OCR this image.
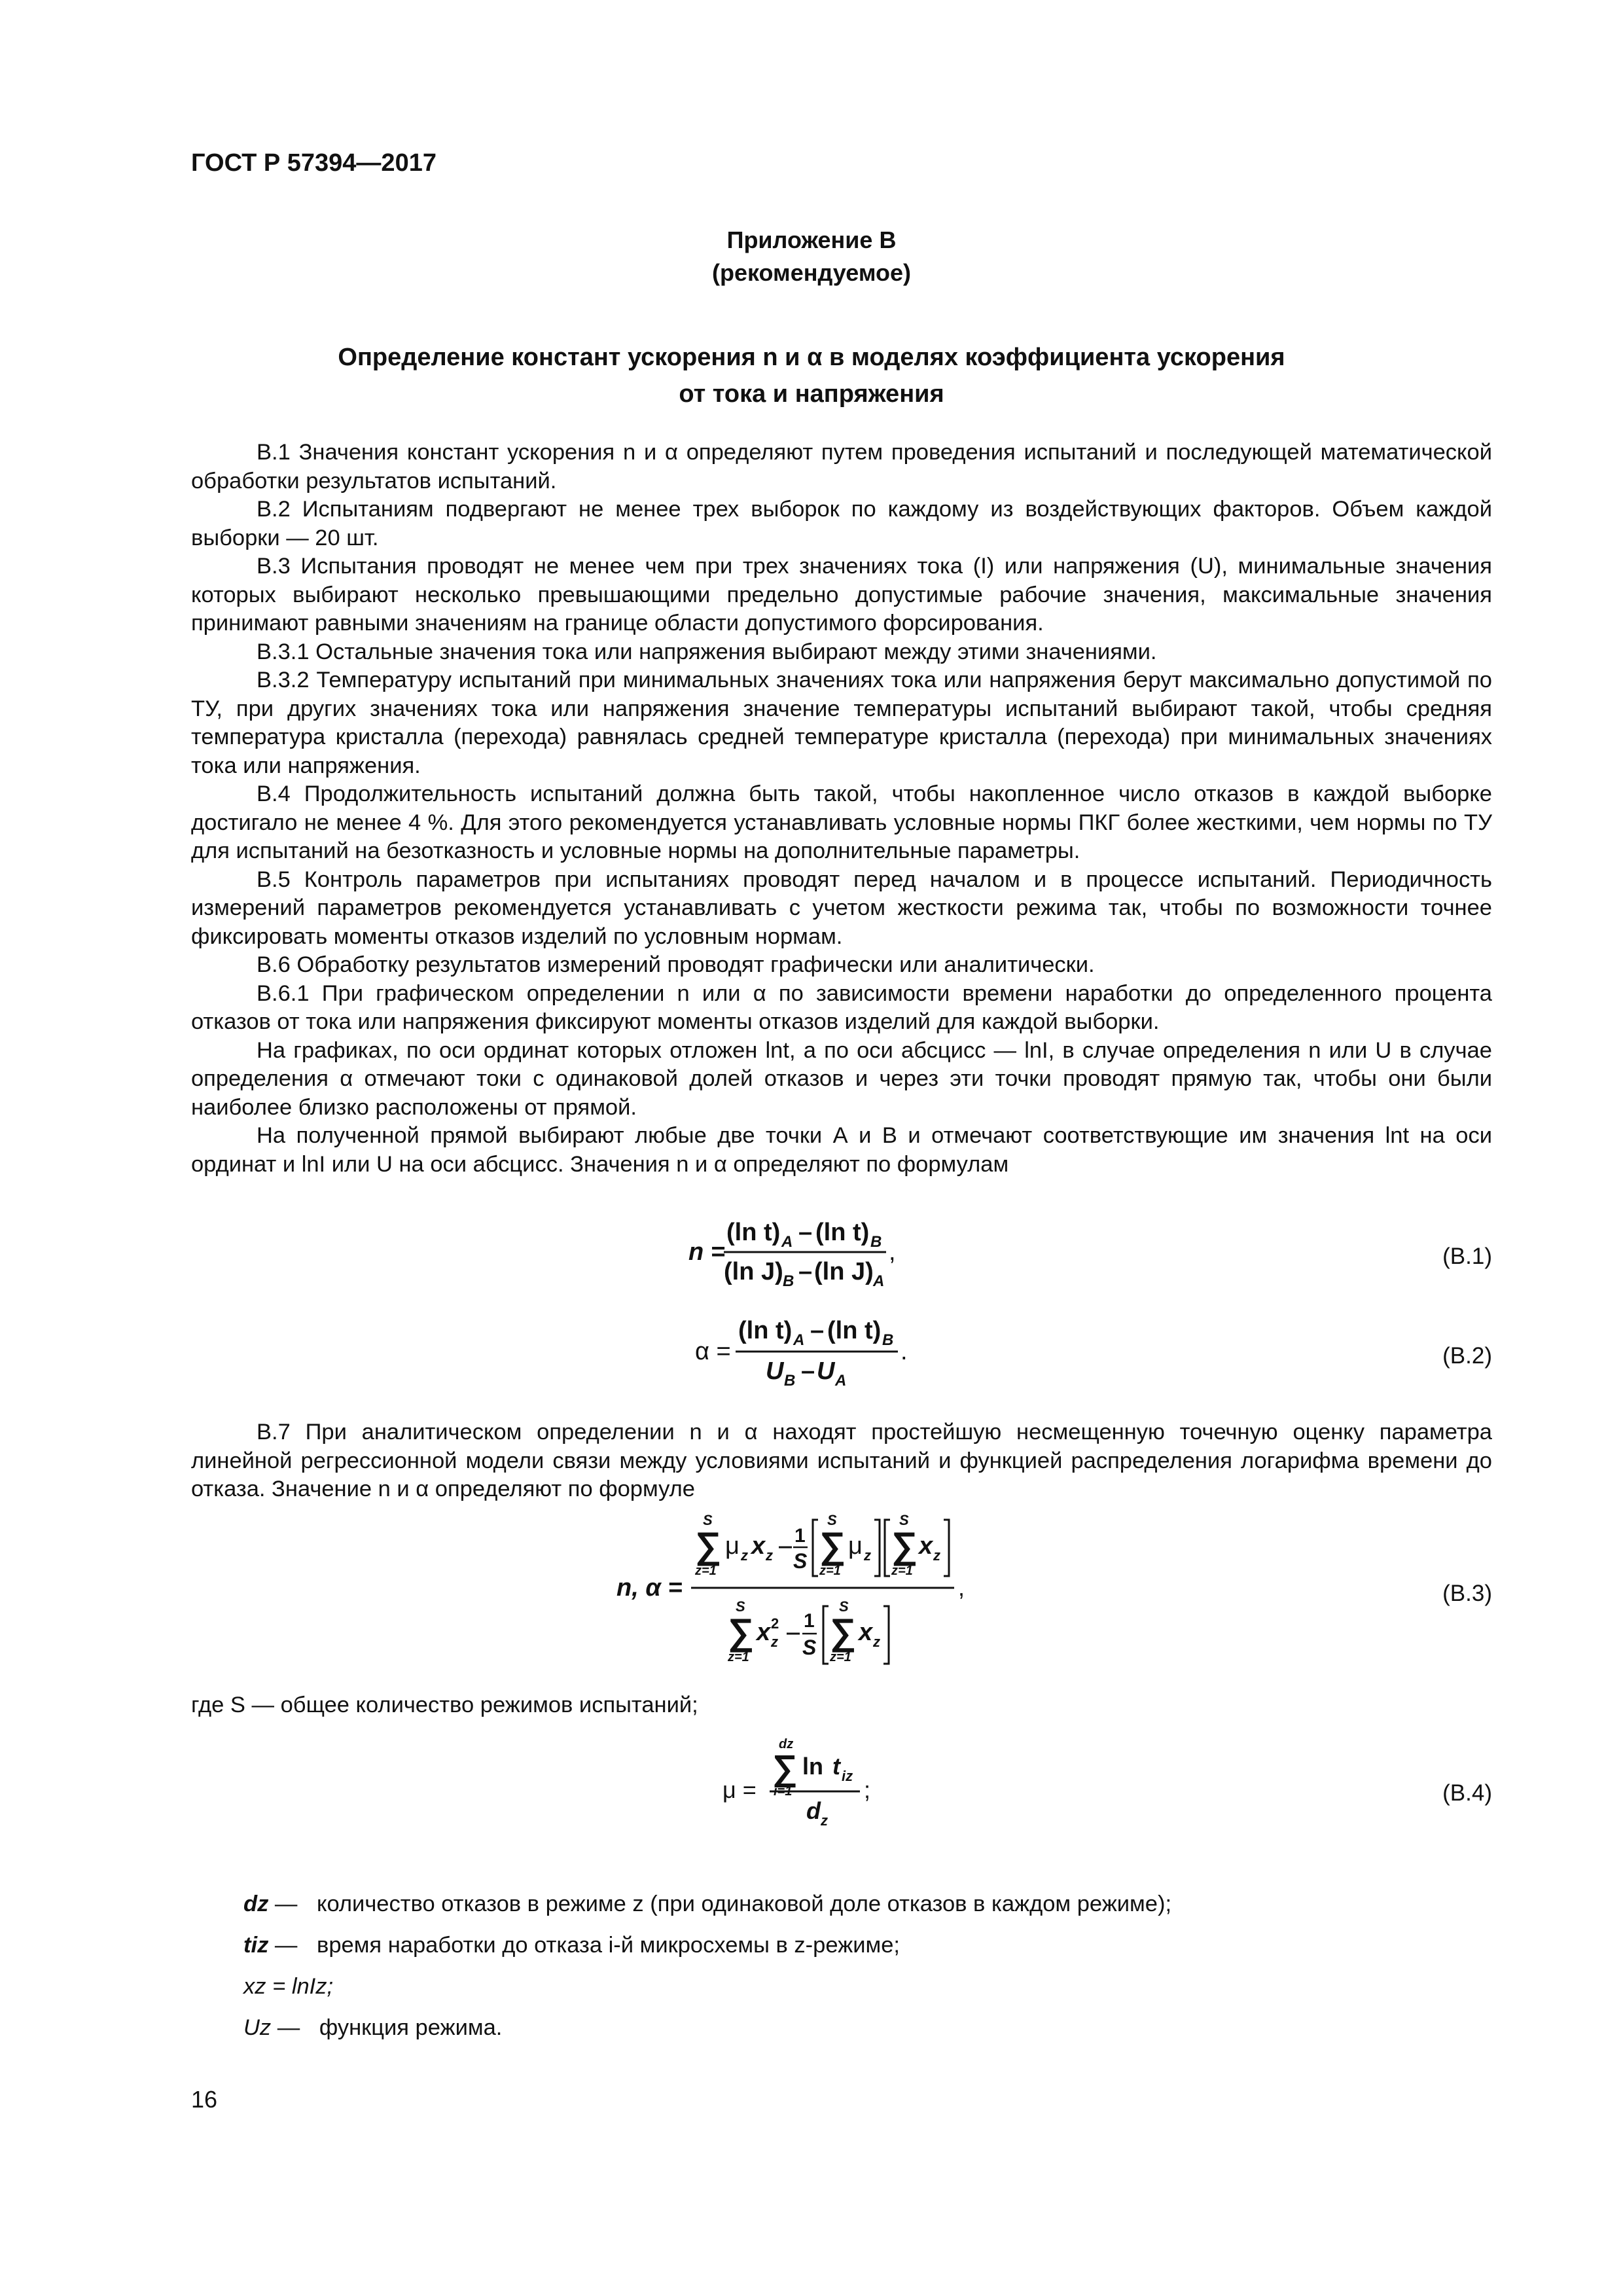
ГОСТ Р 57394—2017
Приложение В
(рекомендуемое)
Определение констант ускорения n и α в моделях коэффициента ускорения
от тока и напряжения

В.1 Значения констант ускорения n и α определяют путем проведения испытаний и последующей математической обработки результатов испытаний.

В.2 Испытаниям подвергают не менее трех выборок по каждому из воздействующих факторов. Объем каждой выборки — 20 шт.

В.3 Испытания проводят не менее чем при трех значениях тока (I) или напряжения (U), минимальные значения которых выбирают несколько превышающими предельно допустимые рабочие значения, максимальные значения принимают равными значениям на границе области допустимого форсирования.

В.3.1 Остальные значения тока или напряжения выбирают между этими значениями.

В.3.2 Температуру испытаний при минимальных значениях тока или напряжения берут максимально допустимой по ТУ, при других значениях тока или напряжения значение температуры испытаний выбирают такой, чтобы средняя температура кристалла (перехода) равнялась средней температуре кристалла (перехода) при минимальных значениях тока или напряжения.

В.4 Продолжительность испытаний должна быть такой, чтобы накопленное число отказов в каждой выборке достигало не менее 4 %. Для этого рекомендуется устанавливать условные нормы ПКГ более жесткими, чем нормы по ТУ для испытаний на безотказность и условные нормы на дополнительные параметры.

В.5 Контроль параметров при испытаниях проводят перед началом и в процессе испытаний. Периодичность измерений параметров рекомендуется устанавливать с учетом жесткости режима так, чтобы по возможности точнее фиксировать моменты отказов изделий по условным нормам.

В.6 Обработку результатов измерений проводят графически или аналитически.

В.6.1 При графическом определении n или α по зависимости времени наработки до определенного процента отказов от тока или напряжения фиксируют моменты отказов изделий для каждой выборки.

На графиках, по оси ординат которых отложен lnt, а по оси абсцисс — lnI, в случае определения n или U в случае определения α отмечают токи с одинаковой долей отказов и через эти точки проводят прямую так, чтобы они были наиболее близко расположены от прямой.

На полученной прямой выбирают любые две точки А и В и отмечают соответствующие им значения lnt на оси ординат и lnI или U на оси абсцисс. Значения n и α определяют по формулам

n =
(ln t) A – (ln t) B
(ln J) B – (ln J) A
,	(В.1)
α =
(ln t) A – (ln t) B
U B – U A
.	(В.2)

В.7 При аналитическом определении n и α находят простейшую несмещенную точечную оценку параметра линейной регрессионной модели связи между условиями испытаний и функцией распределения логарифма времени до отказа. Значение n и α определяют по формуле

n, α =
S
∑
z=1
μ z x z
1
S
S
∑
z=1
μ z
S
∑
z=1
x z
,
S
∑
z=1
x 2
z
1
S
S
∑
z=1
x z
(В.3)

где S — общее количество режимов испытаний;

μ =
dz
∑
i=1
ln t iz
d z
;	(В.4)
dz — количество отказов в режиме z (при одинаковой доле отказов в каждом режиме);
tiz — время наработки до отказа i-й микросхемы в z-режиме;
xz = lnIz;
Uz — функция режима.
16
